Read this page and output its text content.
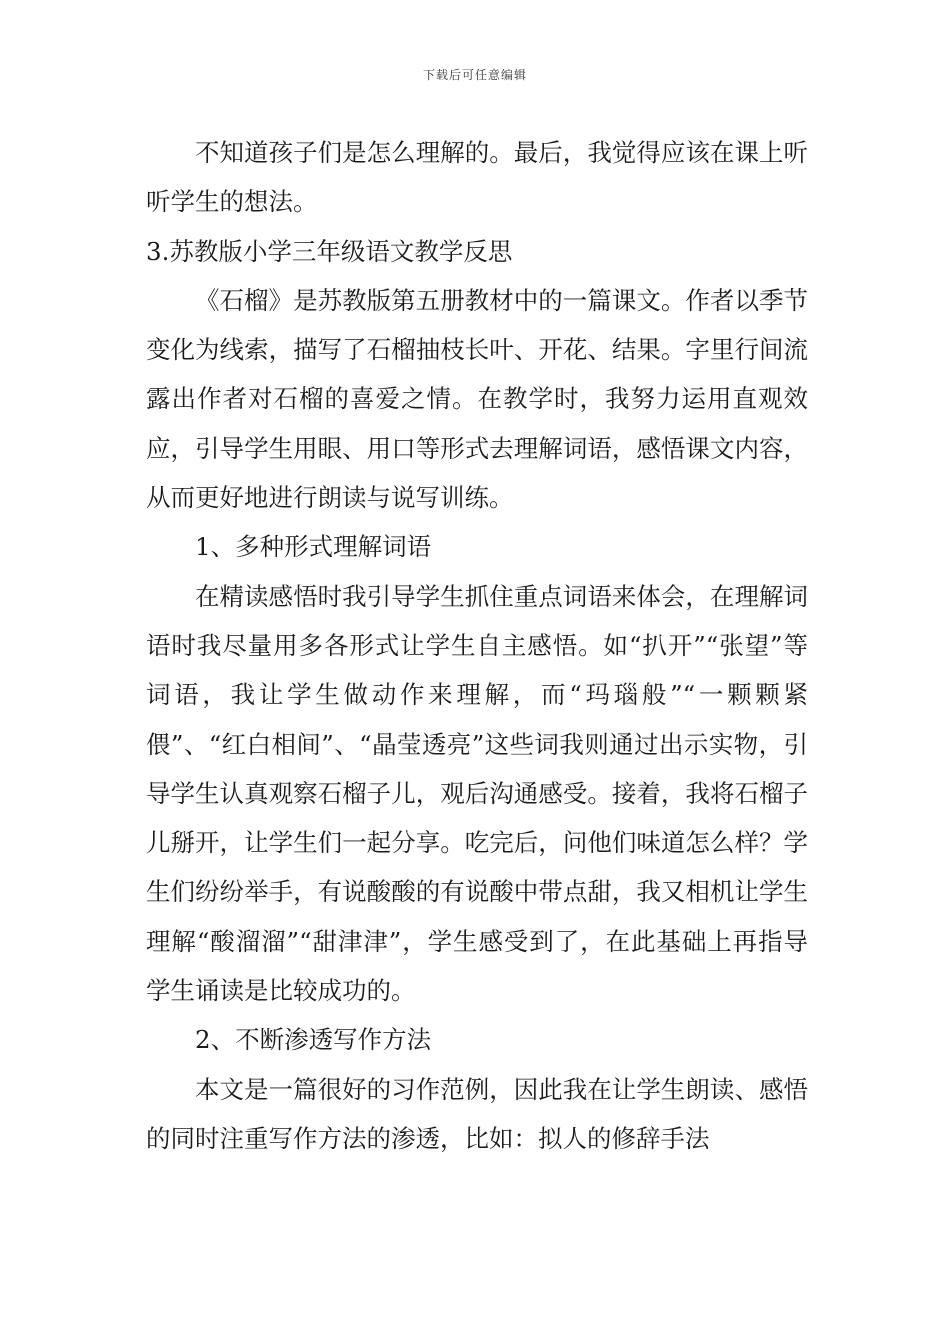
下载后可任意编辑

不知道孩子们是怎么理解的。最后，我觉得应该在课上听听学生的想法。

3.苏教版小学三年级语文教学反思

《石榴》是苏教版第五册教材中的一篇课文。作者以季节变化为线索，描写了石榴抽枝长叶、开花、结果。字里行间流露出作者对石榴的喜爱之情。在教学时，我努力运用直观效应，引导学生用眼、用口等形式去理解词语，感悟课文内容，从而更好地进行朗读与说写训练。

1、多种形式理解词语

在精读感悟时我引导学生抓住重点词语来体会，在理解词语时我尽量用多各形式让学生自主感悟。如“扒开”“张望”等词语，我让学生做动作来理解，而“玛瑙般”“一颗颗紧偎”、“红白相间”、“晶莹透亮”这些词我则通过出示实物，引导学生认真观察石榴子儿，观后沟通感受。接着，我将石榴子儿掰开，让学生们一起分享。吃完后，问他们味道怎么样？学生们纷纷举手，有说酸酸的有说酸中带点甜，我又相机让学生理解“酸溜溜”“甜津津”，学生感受到了，在此基础上再指导学生诵读是比较成功的。

2、不断渗透写作方法

本文是一篇很好的习作范例，因此我在让学生朗读、感悟的同时注重写作方法的渗透，比如：拟人的修辞手法
